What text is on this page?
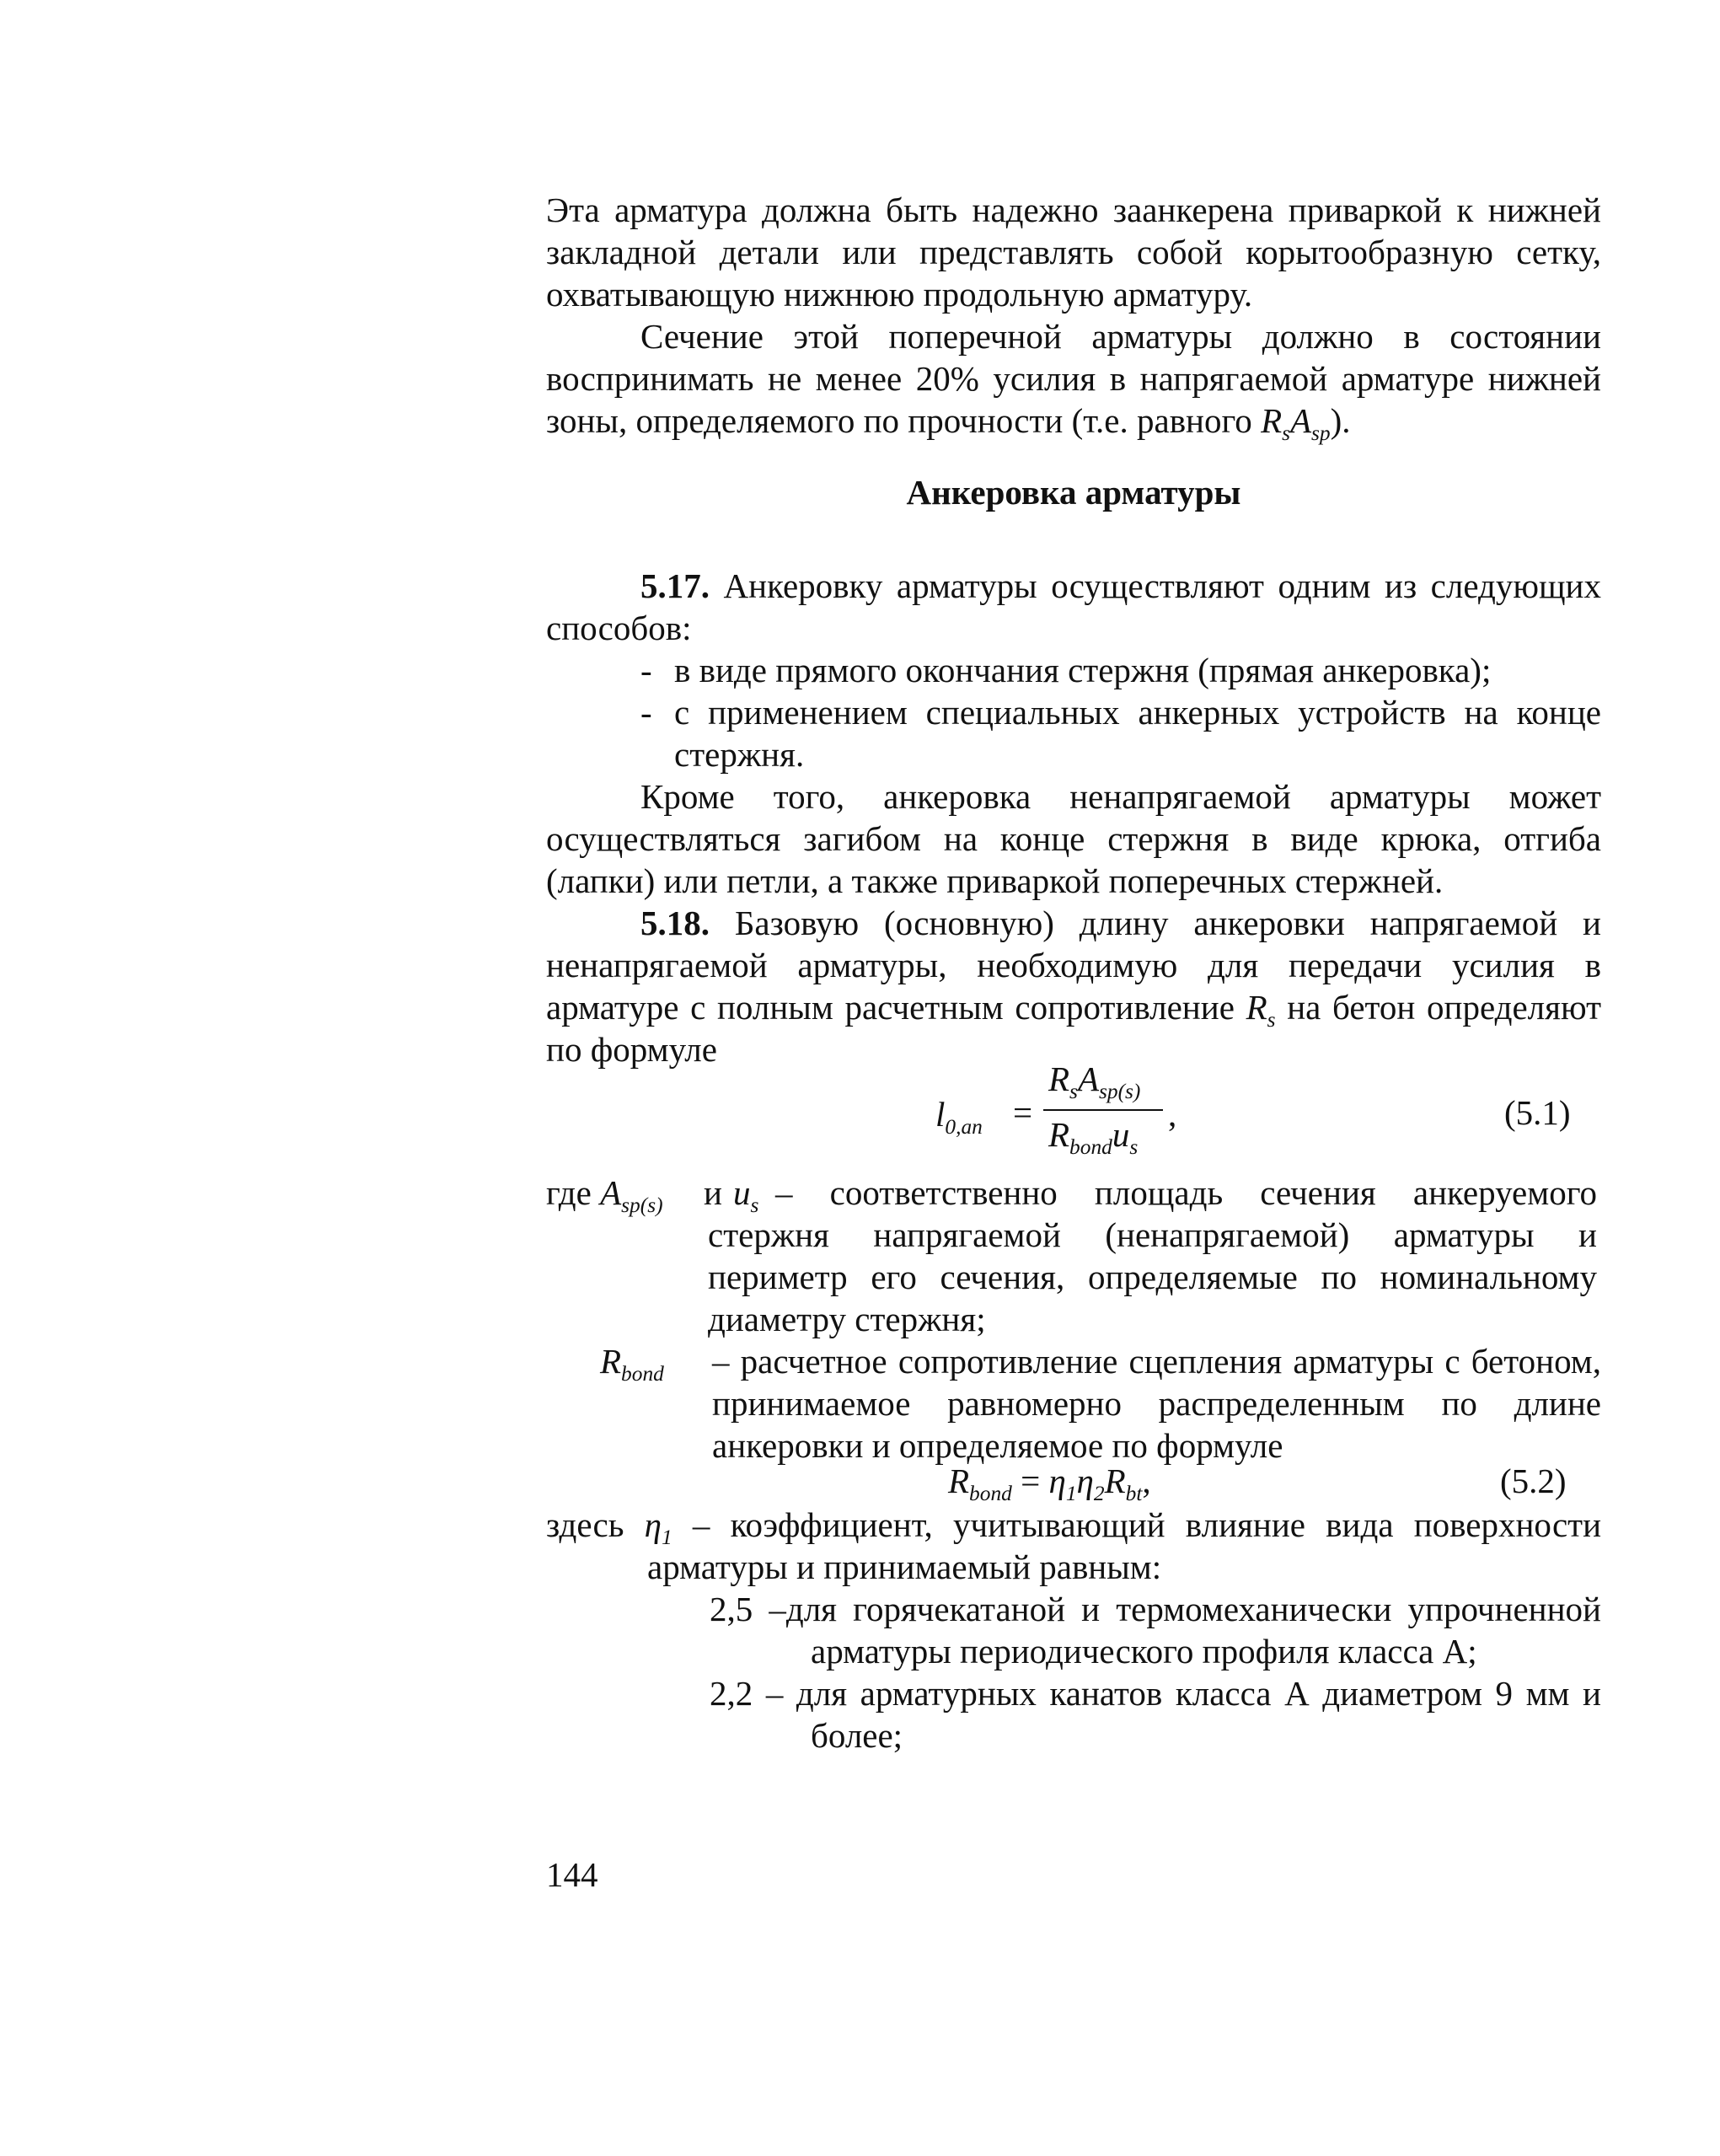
Эта арматура должна быть надежно заанкерена приваркой к нижней закладной детали или представлять собой корытообразную сетку, охватывающую нижнюю продольную арматуру.

Сечение этой поперечной арматуры должно в состоянии воспринимать не менее 20% усилия в напрягаемой арматуре нижней зоны, определяемого по прочности (т.е. равного $R_sA_{sp}$).

Анкеровка арматуры

5.17. Анкеровку арматуры осуществляют одним из следующих способов:

- в виде прямого окончания стержня (прямая анкеровка);

- с применением специальных анкерных устройств на конце стержня.

Кроме того, анкеровка ненапрягаемой арматуры может осуществляться загибом на конце стержня в виде крюка, отгиба (лапки) или петли, а также приваркой поперечных стержней.

5.18. Базовую (основную) длину анкеровки напрягаемой и ненапрягаемой арматуры, необходимую для передачи усилия в арматуре с полным расчетным сопротивление $R_s$ на бетон определяют по формуле

$l_{0,an}$ =
$R_sA_{sp(s)}$
$R_{bond}u_s$
,	(5.1)
где $A_{sp(s)}$ и $u_s$ – соответственно площадь сечения анкеруемого стержня напрягаемой (ненапрягаемой) арматуры и периметр его сечения, определяемые по номинальному диаметру стержня;
$R_{bond}$ – расчетное сопротивление сцепления арматуры с бетоном, принимаемое равномерно распределенным по длине анкеровки и определяемое по формуле
$R_{bond} = \eta_1\eta_2R_{bt}$,	(5.2)

здесь $\eta_1$ – коэффициент, учитывающий влияние вида поверхности арматуры и принимаемый равным:

2,5 –для горячекатаной и термомеханически упрочненной арматуры периодического профиля класса А;

2,2 – для арматурных канатов класса А диаметром 9 мм и более;

144
